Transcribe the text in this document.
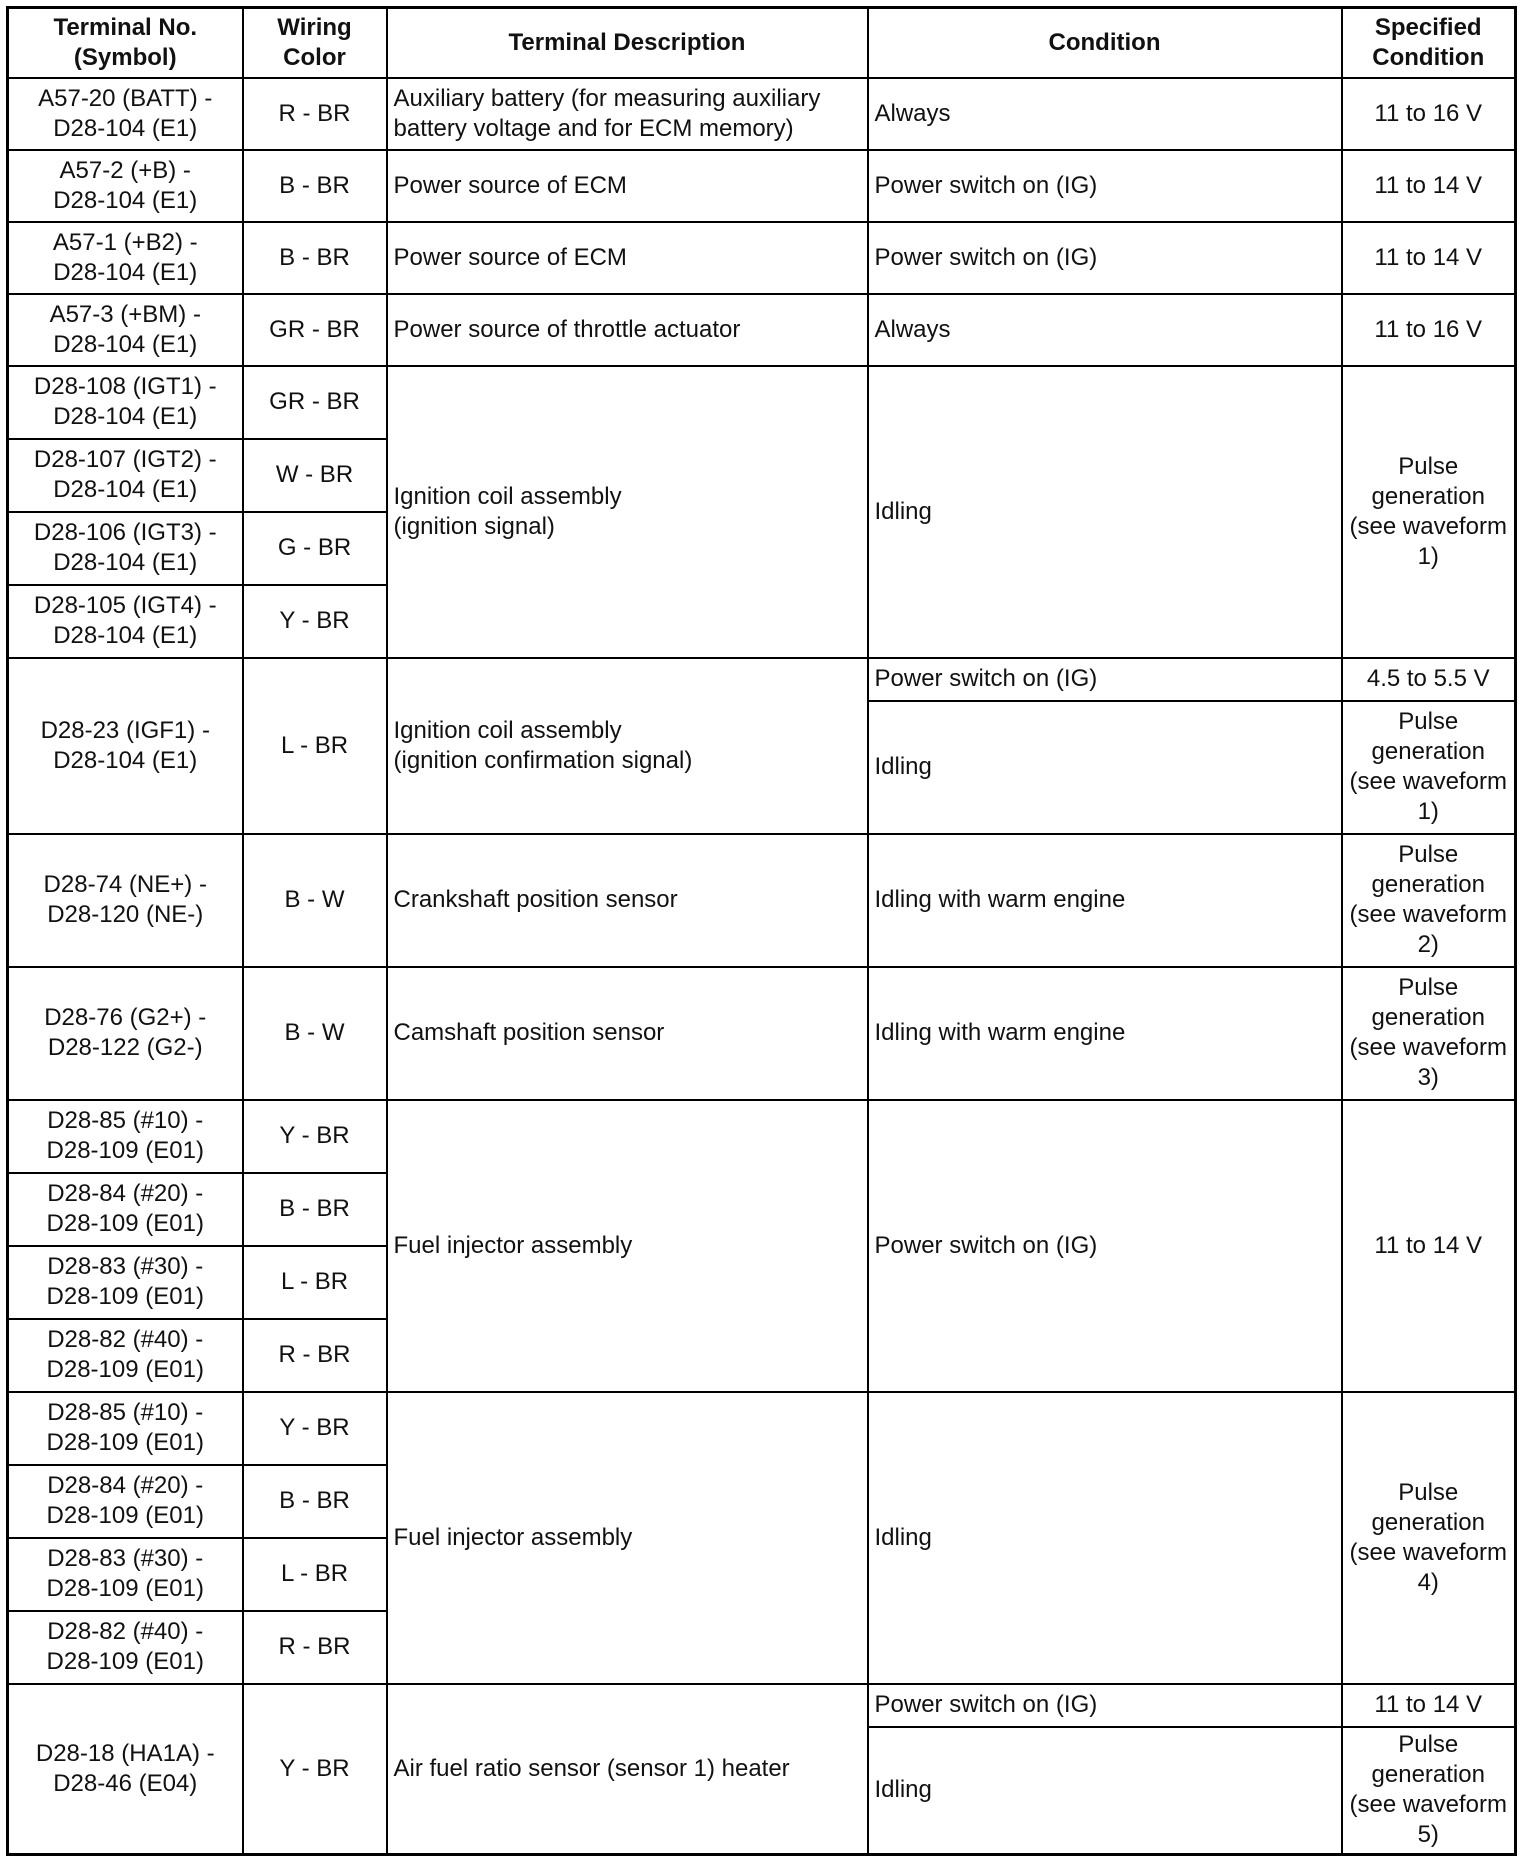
Terminal No.
(Symbol)	Wiring
Color	Terminal Description	Condition	Specified
Condition
A57-20 (BATT) -
D28-104 (E1)	R - BR	Auxiliary battery (for measuring auxiliary
battery voltage and for ECM memory)	Always	11 to 16 V
A57-2 (+B) -
D28-104 (E1)	B - BR	Power source of ECM	Power switch on (IG)	11 to 14 V
A57-1 (+B2) -
D28-104 (E1)	B - BR	Power source of ECM	Power switch on (IG)	11 to 14 V
A57-3 (+BM) -
D28-104 (E1)	GR - BR	Power source of throttle actuator	Always	11 to 16 V
D28-108 (IGT1) -
D28-104 (E1)	GR - BR	Ignition coil assembly
(ignition signal)	Idling	Pulse
generation
(see waveform
1)
D28-107 (IGT2) -
D28-104 (E1)	W - BR			
D28-106 (IGT3) -
D28-104 (E1)	G - BR			
D28-105 (IGT4) -
D28-104 (E1)	Y - BR			
D28-23 (IGF1) -
D28-104 (E1)	L - BR	Ignition coil assembly
(ignition confirmation signal)	Power switch on (IG)	4.5 to 5.5 V
			Idling	Pulse
generation
(see waveform
1)
D28-74 (NE+) -
D28-120 (NE-)	B - W	Crankshaft position sensor	Idling with warm engine	Pulse
generation
(see waveform
2)
D28-76 (G2+) -
D28-122 (G2-)	B - W	Camshaft position sensor	Idling with warm engine	Pulse
generation
(see waveform
3)
D28-85 (#10) -
D28-109 (E01)	Y - BR	Fuel injector assembly	Power switch on (IG)	11 to 14 V
D28-84 (#20) -
D28-109 (E01)	B - BR			
D28-83 (#30) -
D28-109 (E01)	L - BR			
D28-82 (#40) -
D28-109 (E01)	R - BR			
D28-85 (#10) -
D28-109 (E01)	Y - BR	Fuel injector assembly	Idling	Pulse
generation
(see waveform
4)
D28-84 (#20) -
D28-109 (E01)	B - BR			
D28-83 (#30) -
D28-109 (E01)	L - BR			
D28-82 (#40) -
D28-109 (E01)	R - BR			
D28-18 (HA1A) -
D28-46 (E04)	Y - BR	Air fuel ratio sensor (sensor 1) heater	Power switch on (IG)	11 to 14 V
			Idling	Pulse
generation
(see waveform
5)
